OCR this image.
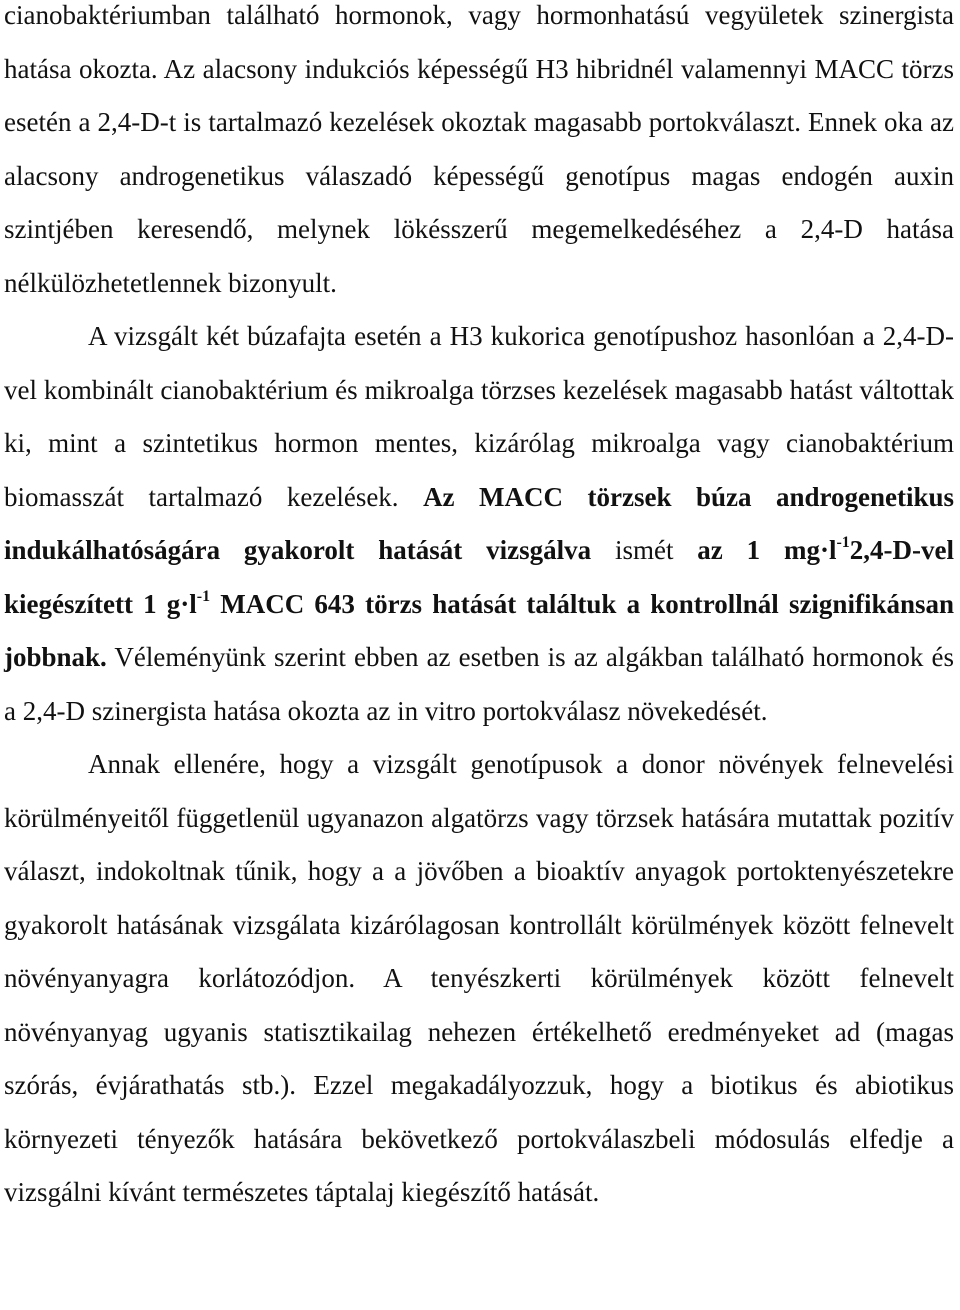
cianobaktériumban található hormonok, vagy hormonhatású vegyületek szinergista hatása okozta. Az alacsony indukciós képességű H3 hibridnél valamennyi MACC törzs esetén a 2,4-D-t is tartalmazó kezelések okoztak magasabb portokválaszt. Ennek oka az alacsony androgenetikus válaszadó képességű genotípus magas endogén auxin szintjében keresendő, melynek lökésszerű megemelkedéséhez a 2,4-D hatása nélkülözhetetlennek bizonyult.

A vizsgált két búzafajta esetén a H3 kukorica genotípushoz hasonlóan a 2,4-D-vel kombinált cianobaktérium és mikroalga törzses kezelések magasabb hatást váltottak ki, mint a szintetikus hormon mentes, kizárólag mikroalga vagy cianobaktérium biomasszát tartalmazó kezelések. Az MACC törzsek búza androgenetikus indukálhatóságára gyakorolt hatását vizsgálva ismét az 1 $mg\cdot l^{-1}2,4-D$-vel kiegészített 1 $g\cdot l^{-1}$ MACC 643 törzs hatását találtuk a kontrollnál szignifikánsan jobbnak. Véleményünk szerint ebben az esetben is az algákban található hormonok és a 2,4-D szinergista hatása okozta az in vitro portokválasz növekedését.

Annak ellenére, hogy a vizsgált genotípusok a donor növények felnevelési körülményeitől függetlenül ugyanazon algatörzs vagy törzsek hatására mutattak pozitív választ, indokoltnak tűnik, hogy a a jövőben a bioaktív anyagok portoktenyészetekre gyakorolt hatásának vizsgálata kizárólagosan kontrollált körülmények között felnevelt növényanyagra korlátozódjon. A tenyészkerti körülmények között felnevelt növényanyag ugyanis statisztikailag nehezen értékelhető eredményeket ad (magas szórás, évjárathatás stb.). Ezzel megakadályozzuk, hogy a biotikus és abiotikus környezeti tényezők hatására bekövetkező portokválaszbeli módosulás elfedje a vizsgálni kívánt természetes táptalaj kiegészítő hatását.
